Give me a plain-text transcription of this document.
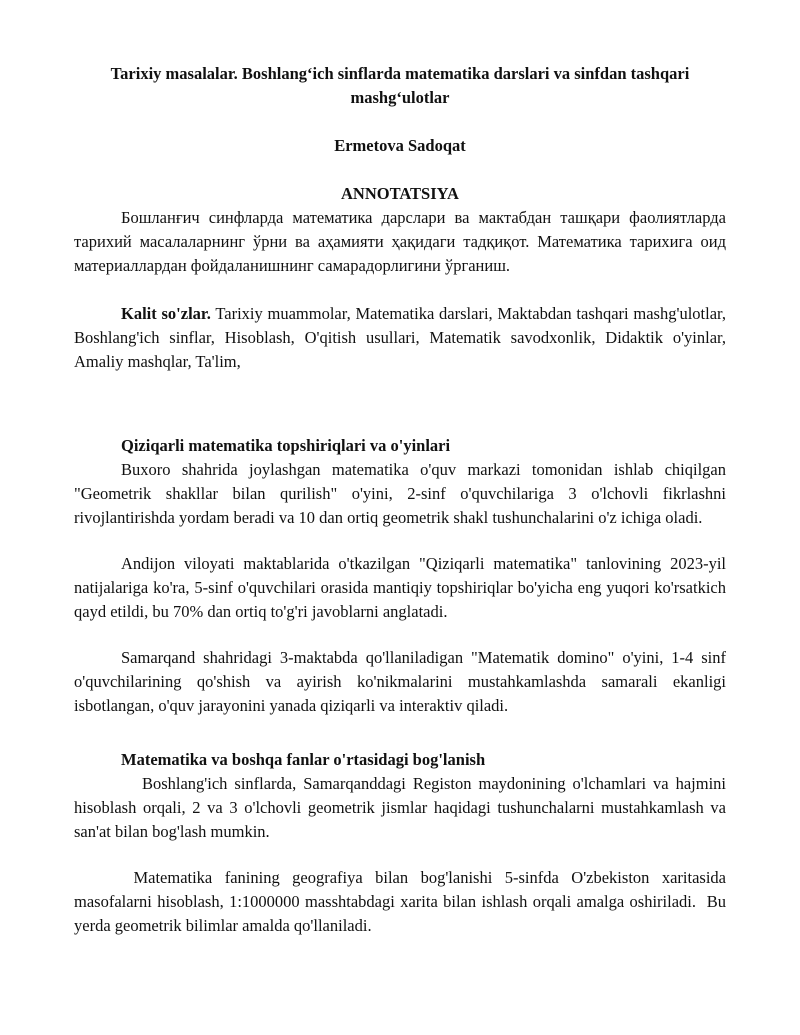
Tarixiy masalalar. Boshlang‘ich sinflarda matematika darslari va sinfdan tashqari mashg‘ulotlar
Ermetova Sadoqat
ANNOTATSIYA

Бошланғич синфларда математика дарслари ва мактабдан ташқари фаолиятларда тарихий масалаларнинг ўрни ва аҳамияти ҳақидаги тадқиқот. Математика тарихига оид материаллардан фойдаланишнинг самарадорлигини ўрганиш.

Kalit so'zlar. Tarixiy muammolar, Matematika darslari, Maktabdan tashqari mashg'ulotlar, Boshlang'ich sinflar, Hisoblash, O'qitish usullari, Matematik savodxonlik, Didaktik o'yinlar, Amaliy mashqlar, Ta'lim,

Qiziqarli matematika topshiriqlari va o'yinlari

Buxoro shahrida joylashgan matematika o'quv markazi tomonidan ishlab chiqilgan "Geometrik shakllar bilan qurilish" o'yini, 2-sinf o'quvchilariga 3 o'lchovli fikrlashni rivojlantirishda yordam beradi va 10 dan ortiq geometrik shakl tushunchalarini o'z ichiga oladi.

Andijon viloyati maktablarida o'tkazilgan "Qiziqarli matematika" tanlovining 2023-yil natijalariga ko'ra, 5-sinf o'quvchilari orasida mantiqiy topshiriqlar bo'yicha eng yuqori ko'rsatkich qayd etildi, bu 70% dan ortiq to'g'ri javoblarni anglatadi.

Samarqand shahridagi 3-maktabda qo'llaniladigan "Matematik domino" o'yini, 1-4 sinf o'quvchilarining qo'shish va ayirish ko'nikmalarini mustahkamlashda samarali ekanligi isbotlangan, o'quv jarayonini yanada qiziqarli va interaktiv qiladi.

Matematika va boshqa fanlar o'rtasidagi bog'lanish

Boshlang'ich sinflarda, Samarqanddagi Registon maydonining o'lchamlari va hajmini hisoblash orqali, 2 va 3 o'lchovli geometrik jismlar haqidagi tushunchalarni mustahkamlash va san'at bilan bog'lash mumkin.

Matematika fanining geografiya bilan bog'lanishi 5-sinfda O'zbekiston xaritasida masofalarni hisoblash, 1:1000000 masshtabdagi xarita bilan ishlash orqali amalga oshiriladi.  Bu yerda geometrik bilimlar amalda qo'llaniladi.
